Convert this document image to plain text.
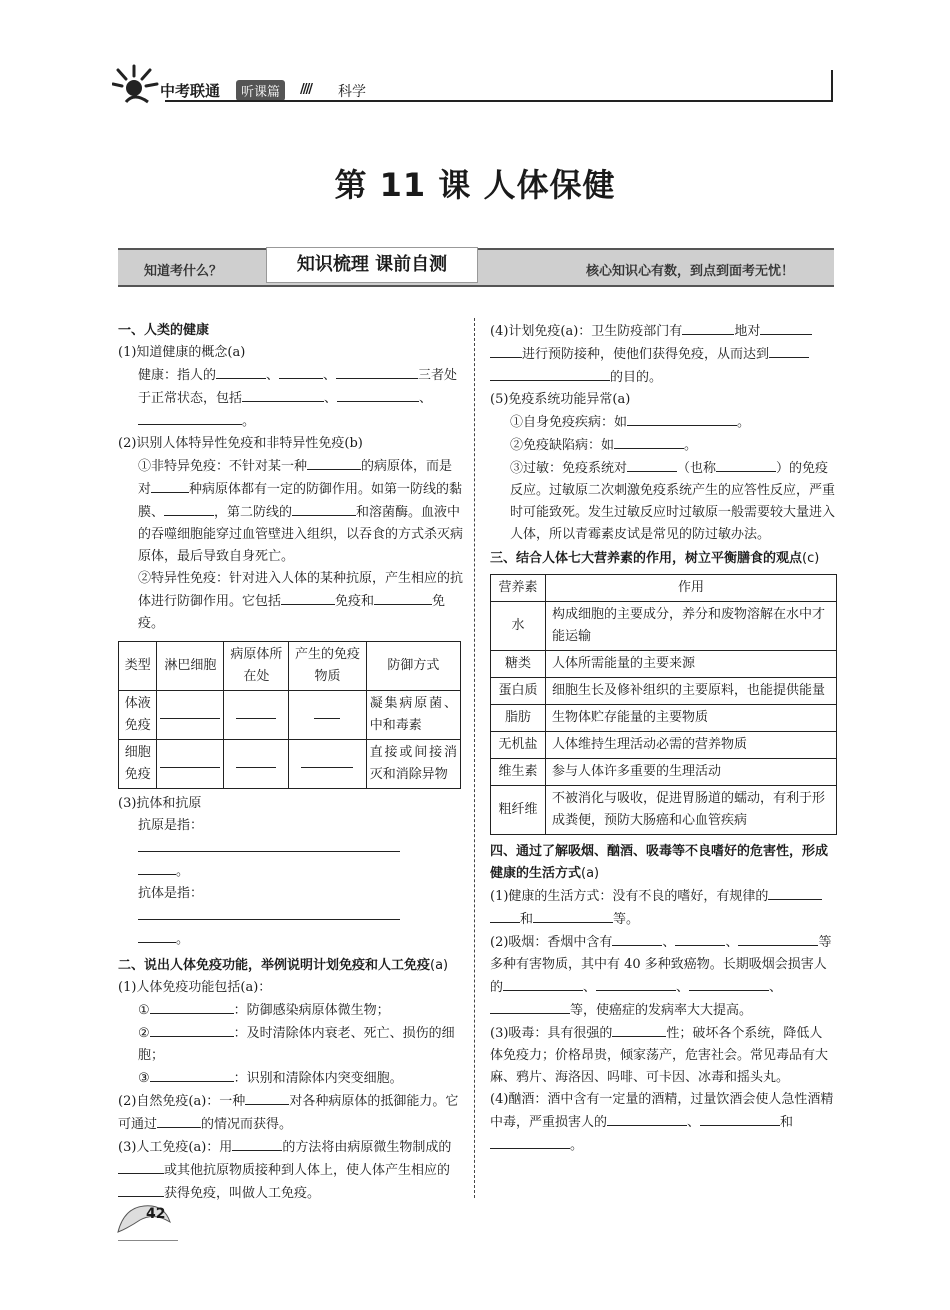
中考联通	听课篇	//// 科学
第 11 课 人体保健
知道考什么？	知识梳理 课前自测	核心知识心有数，到点到面考无忧！

一、人类的健康

(1)知道健康的概念(a)

健康：指人的	、	、	三者处于正常状态，包括	、	、。

(2)识别人体特异性免疫和非特异性免疫(b)

①非特异免疫：不针对某一种	的病原体，而是对	种病原体都有一定的防御作用。如第一防线的黏膜、	，第二防线的	和溶菌酶。血液中的吞噬细胞能穿过血管壁进入组织，以吞食的方式杀灭病原体，最后导致自身死亡。

②特异性免疫：针对进入人体的某种抗原，产生相应的抗体进行防御作用。它包括	免疫和	免疫。

类型	淋巴细胞	病原体所在处	产生的免疫物质	防御方式
体液免疫				凝集病原菌、中和毒素
细胞免疫				直接或间接消灭和消除异物

(3)抗体和抗原

抗原是指：
。

抗体是指：
。

二、说出人体免疫功能，举例说明计划免疫和人工免疫(a)

(1)人体免疫功能包括(a)：

①	：防御感染病原体微生物；

②	：及时清除体内衰老、死亡、损伤的细胞；

③	：识别和清除体内突变细胞。

(2)自然免疫(a)：一种	对各种病原体的抵御能力。它可通过	的情况而获得。

(3)人工免疫(a)：用	的方法将由病原微生物制成的或其他抗原物质接种到人体上，使人体产生相应的获得免疫，叫做人工免疫。

(4)计划免疫(a)：卫生防疫部门有	地对进行预防接种，使他们获得免疫，从而达到的目的。

(5)免疫系统功能异常(a)

①自身免疫疾病：如	。

②免疫缺陷病：如	。

③过敏：免疫系统对	（也称	）的免疫反应。过敏原二次刺激免疫系统产生的应答性反应，严重时可能致死。发生过敏反应时过敏原一般需要较大量进入人体，所以青霉素皮试是常见的防过敏办法。

三、结合人体七大营养素的作用，树立平衡膳食的观点(c)

营养素	作用
水	构成细胞的主要成分，养分和废物溶解在水中才能运输
糖类	人体所需能量的主要来源
蛋白质	细胞生长及修补组织的主要原料，也能提供能量
脂肪	生物体贮存能量的主要物质
无机盐	人体维持生理活动必需的营养物质
维生素	参与人体许多重要的生理活动
粗纤维	不被消化与吸收，促进胃肠道的蠕动，有利于形成粪便，预防大肠癌和心血管疾病

四、通过了解吸烟、酗酒、吸毒等不良嗜好的危害性，形成健康的生活方式(a)

(1)健康的生活方式：没有不良的嗜好，有规律的和	等。

(2)吸烟：香烟中含有	、	、	等多种有害物质，其中有 40 多种致癌物。长期吸烟会损害人的	、	、	、等，使癌症的发病率大大提高。

(3)吸毒：具有很强的	性；破坏各个系统，降低人体免疫力；价格昂贵，倾家荡产，危害社会。常见毒品有大麻、鸦片、海洛因、吗啡、可卡因、冰毒和摇头丸。

(4)酗酒：酒中含有一定量的酒精，过量饮酒会使人急性酒精中毒，严重损害人的	、	和。

42
